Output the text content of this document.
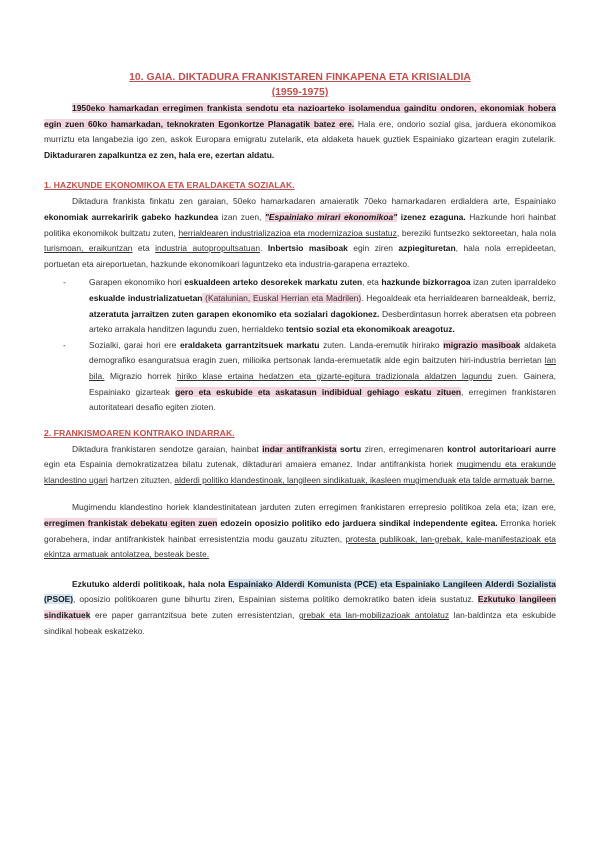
10. GAIA. DIKTADURA FRANKISTAREN FINKAPENA ETA KRISIALDIA
(1959-1975)

1950eko hamarkadan erregimen frankista sendotu eta nazioarteko isolamendua gainditu ondoren, ekonomiak hobera egin zuen 60ko hamarkadan, teknokraten Egonkortze Planagatik batez ere. Hala ere, ondorio sozial gisa, jarduera ekonomikoa murriztu eta langabezia igo zen, askok Europara emigratu zutelarik, eta aldaketa hauek guztiek Espainiako gizartean eragin zutelarik. Diktaduraren zapalkuntza ez zen, hala ere, ezertan aldatu.

1. HAZKUNDE EKONOMIKOA ETA ERALDAKETA SOZIALAK.

Diktadura frankista finkatu zen garaian, 50eko hamarkadaren amaieratik 70eko hamarkadaren erdialdera arte, Espainiako ekonomiak aurrekaririk gabeko hazkundea izan zuen, "Espainiako mirari ekonomikoa" izenez ezaguna. Hazkunde hori hainbat politika ekonomikok bultzatu zuten, herrialdearen industrializazioa eta modernizazioa sustatuz, bereziki funtsezko sektoreetan, hala nola turismoan, eraikuntzan eta industria autopropultsatuan. Inbertsio masiboak egin ziren azpiegituretan, hala nola errepideetan, portuetan eta aireportuetan, hazkunde ekonomikoari laguntzeko eta industria-garapena errazteko.

- Garapen ekonomiko hori eskualdeen arteko desorekek markatu zuten, eta hazkunde bizkorragoa izan zuten iparraldeko eskualde industrializatuetan (Katalunian, Euskal Herrian eta Madrilen). Hegoaldeak eta herrialdearen barnealdeak, berriz, atzeratuta jarraitzen zuten garapen ekonomiko eta sozialari dagokionez. Desberdintasun horrek aberatsen eta pobreen arteko arrakala handitzen lagundu zuen, herrialdeko tentsio sozial eta ekonomikoak areagotuz.
- Sozialki, garai hori ere eraldaketa garrantzitsuek markatu zuten. Landa-eremutik hirirako migrazio masiboak aldaketa demografiko esanguratsua eragin zuen, milioika pertsonak landa-eremuetatik alde egin baitzuten hiri-industria berrietan lan bila. Migrazio horrek hiriko klase ertaina hedatzen eta gizarte-egitura tradizionala aldatzen lagundu zuen. Gainera, Espainiako gizarteak gero eta eskubide eta askatasun indibidual gehiago eskatu zituen, erregimen frankistaren autoritateari desafio egiten zioten.
2. FRANKISMOAREN KONTRAKO INDARRAK.

Diktadura frankistaren sendotze garaian, hainbat indar antifrankista sortu ziren, erregimenaren kontrol autoritarioari aurre egin eta Espainia demokratizatzea bilatu zutenak, diktadurari amaiera emanez. Indar antifrankista horiek mugimendu eta erakunde klandestino ugari hartzen zituzten, alderdi politiko klandestinoak, langileen sindikatuak, ikasleen mugimenduak eta talde armatuak barne.

Mugimendu klandestino horiek klandestinitatean jarduten zuten erregimen frankistaren errepresio politikoa zela eta; izan ere, erregimen frankistak debekatu egiten zuen edozein oposizio politiko edo jarduera sindikal independente egitea. Erronka horiek gorabehera, indar antifrankistek hainbat erresistentzia modu gauzatu zituzten, protesta publikoak, lan-grebak, kale-manifestazioak eta ekintza armatuak antolatzea, besteak beste.

Ezkutuko alderdi politikoak, hala nola Espainiako Alderdi Komunista (PCE) eta Espainiako Langileen Alderdi Sozialista (PSOE), oposizio politikoaren gune bihurtu ziren, Espainian sistema politiko demokratiko baten ideia sustatuz. Ezkutuko langileen sindikatuek ere paper garrantzitsua bete zuten erresistentzian, grebak eta lan-mobilizazioak antolatuz lan-baldintza eta eskubide sindikal hobeak eskatzeko.
